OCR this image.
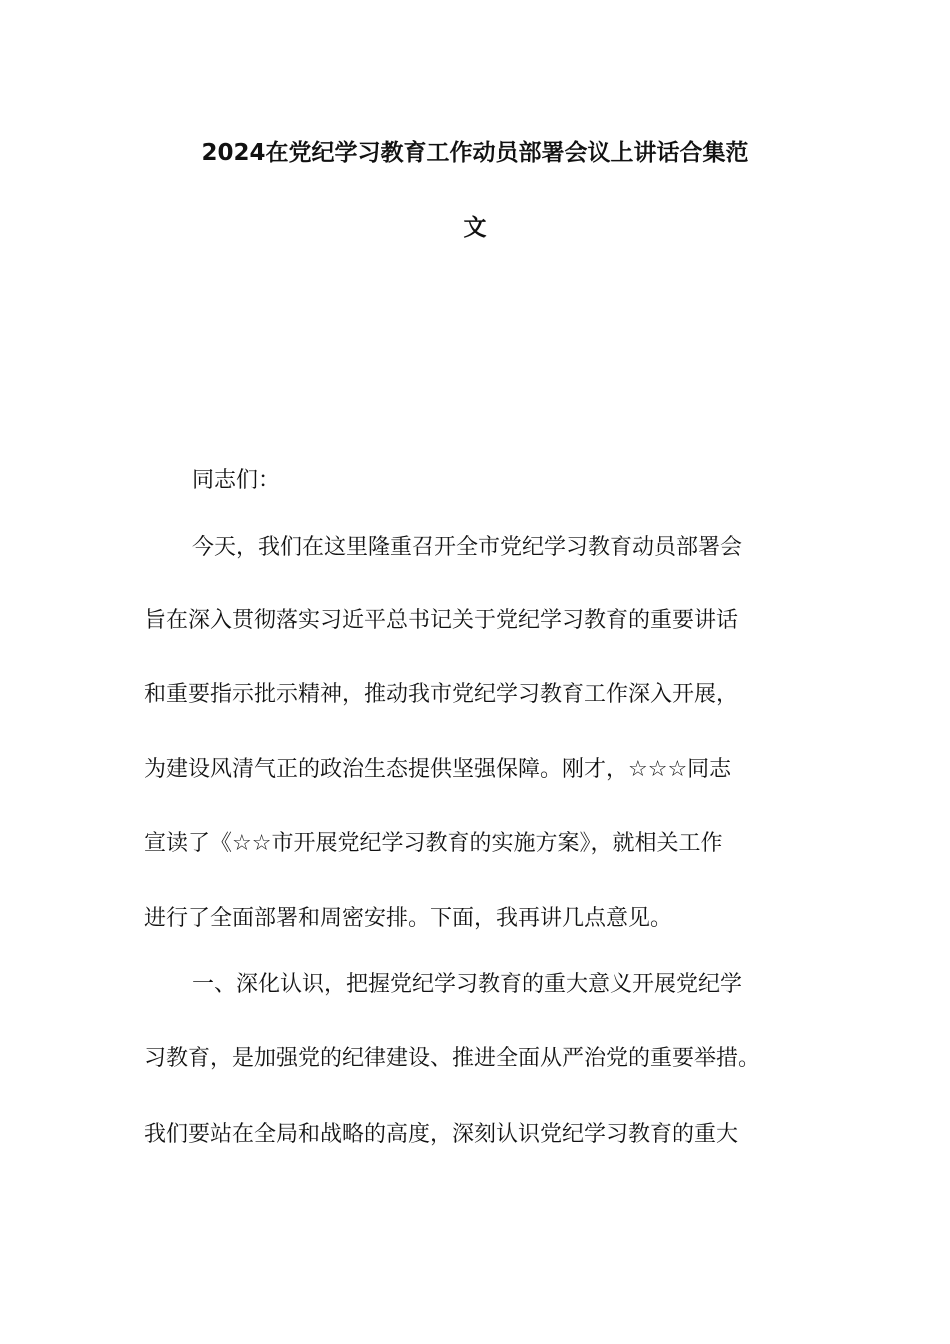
2024在党纪学习教育工作动员部署会议上讲话合集范
文
同志们：
今天，我们在这里隆重召开全市党纪学习教育动员部署会
旨在深入贯彻落实习近平总书记关于党纪学习教育的重要讲话
和重要指示批示精神，推动我市党纪学习教育工作深入开展，
为建设风清气正的政治生态提供坚强保障。刚才，☆☆☆同志
宣读了《☆☆市开展党纪学习教育的实施方案》，就相关工作
进行了全面部署和周密安排。下面，我再讲几点意见。
一、深化认识，把握党纪学习教育的重大意义开展党纪学
习教育，是加强党的纪律建设、推进全面从严治党的重要举措。
我们要站在全局和战略的高度，深刻认识党纪学习教育的重大
